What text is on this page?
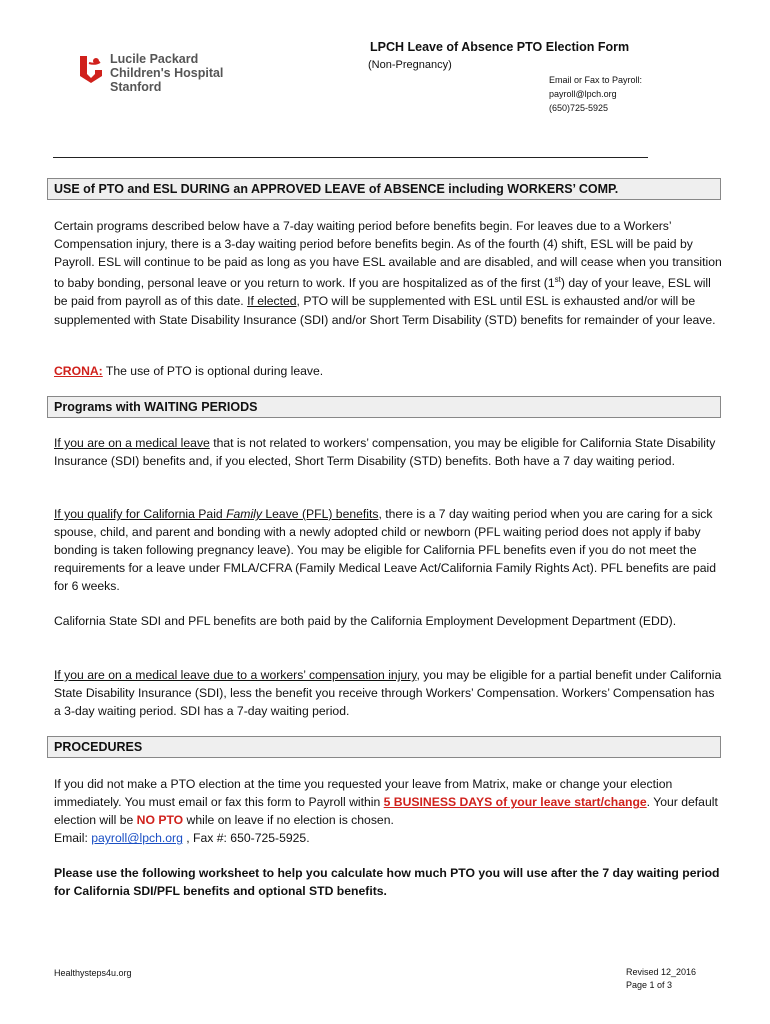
Lucile Packard
Children's Hospital
Stanford
LPCH Leave of Absence PTO Election Form
(Non-Pregnancy)
Email or Fax to Payroll:
payroll@lpch.org
(650)725-5925
USE of PTO and ESL DURING an APPROVED LEAVE of ABSENCE including WORKERS’ COMP.

Certain programs described below have a 7-day waiting period before benefits begin. For leaves due to a Workers’ Compensation injury, there is a 3-day waiting period before benefits begin. As of the fourth (4) shift, ESL will be paid by Payroll. ESL will continue to be paid as long as you have ESL available and are disabled, and will cease when you transition to baby bonding, personal leave or you return to work. If you are hospitalized as of the first (1st) day of your leave, ESL will be paid from payroll as of this date. If elected, PTO will be supplemented with ESL until ESL is exhausted and/or will be supplemented with State Disability Insurance (SDI) and/or Short Term Disability (STD) benefits for remainder of your leave.

CRONA: The use of PTO is optional during leave.

Programs with WAITING PERIODS

If you are on a medical leave that is not related to workers’ compensation, you may be eligible for California State Disability Insurance (SDI) benefits and, if you elected, Short Term Disability (STD) benefits. Both have a 7 day waiting period.

If you qualify for California Paid Family Leave (PFL) benefits, there is a 7 day waiting period when you are caring for a sick spouse, child, and parent and bonding with a newly adopted child or newborn (PFL waiting period does not apply if baby bonding is taken following pregnancy leave). You may be eligible for California PFL benefits even if you do not meet the requirements for a leave under FMLA/CFRA (Family Medical Leave Act/California Family Rights Act). PFL benefits are paid for 6 weeks.

California State SDI and PFL benefits are both paid by the California Employment Development Department (EDD).

If you are on a medical leave due to a workers’ compensation injury, you may be eligible for a partial benefit under California State Disability Insurance (SDI), less the benefit you receive through Workers’ Compensation. Workers’ Compensation has a 3-day waiting period. SDI has a 7-day waiting period.

PROCEDURES

If you did not make a PTO election at the time you requested your leave from Matrix, make or change your election immediately. You must email or fax this form to Payroll within 5 BUSINESS DAYS of your leave start/change. Your default election will be NO PTO while on leave if no election is chosen.
Email: payroll@lpch.org , Fax #: 650-725-5925.

Please use the following worksheet to help you calculate how much PTO you will use after the 7 day waiting period for California SDI/PFL benefits and optional STD benefits.

Healthysteps4u.org	Revised 12_2016
Page 1 of 3
